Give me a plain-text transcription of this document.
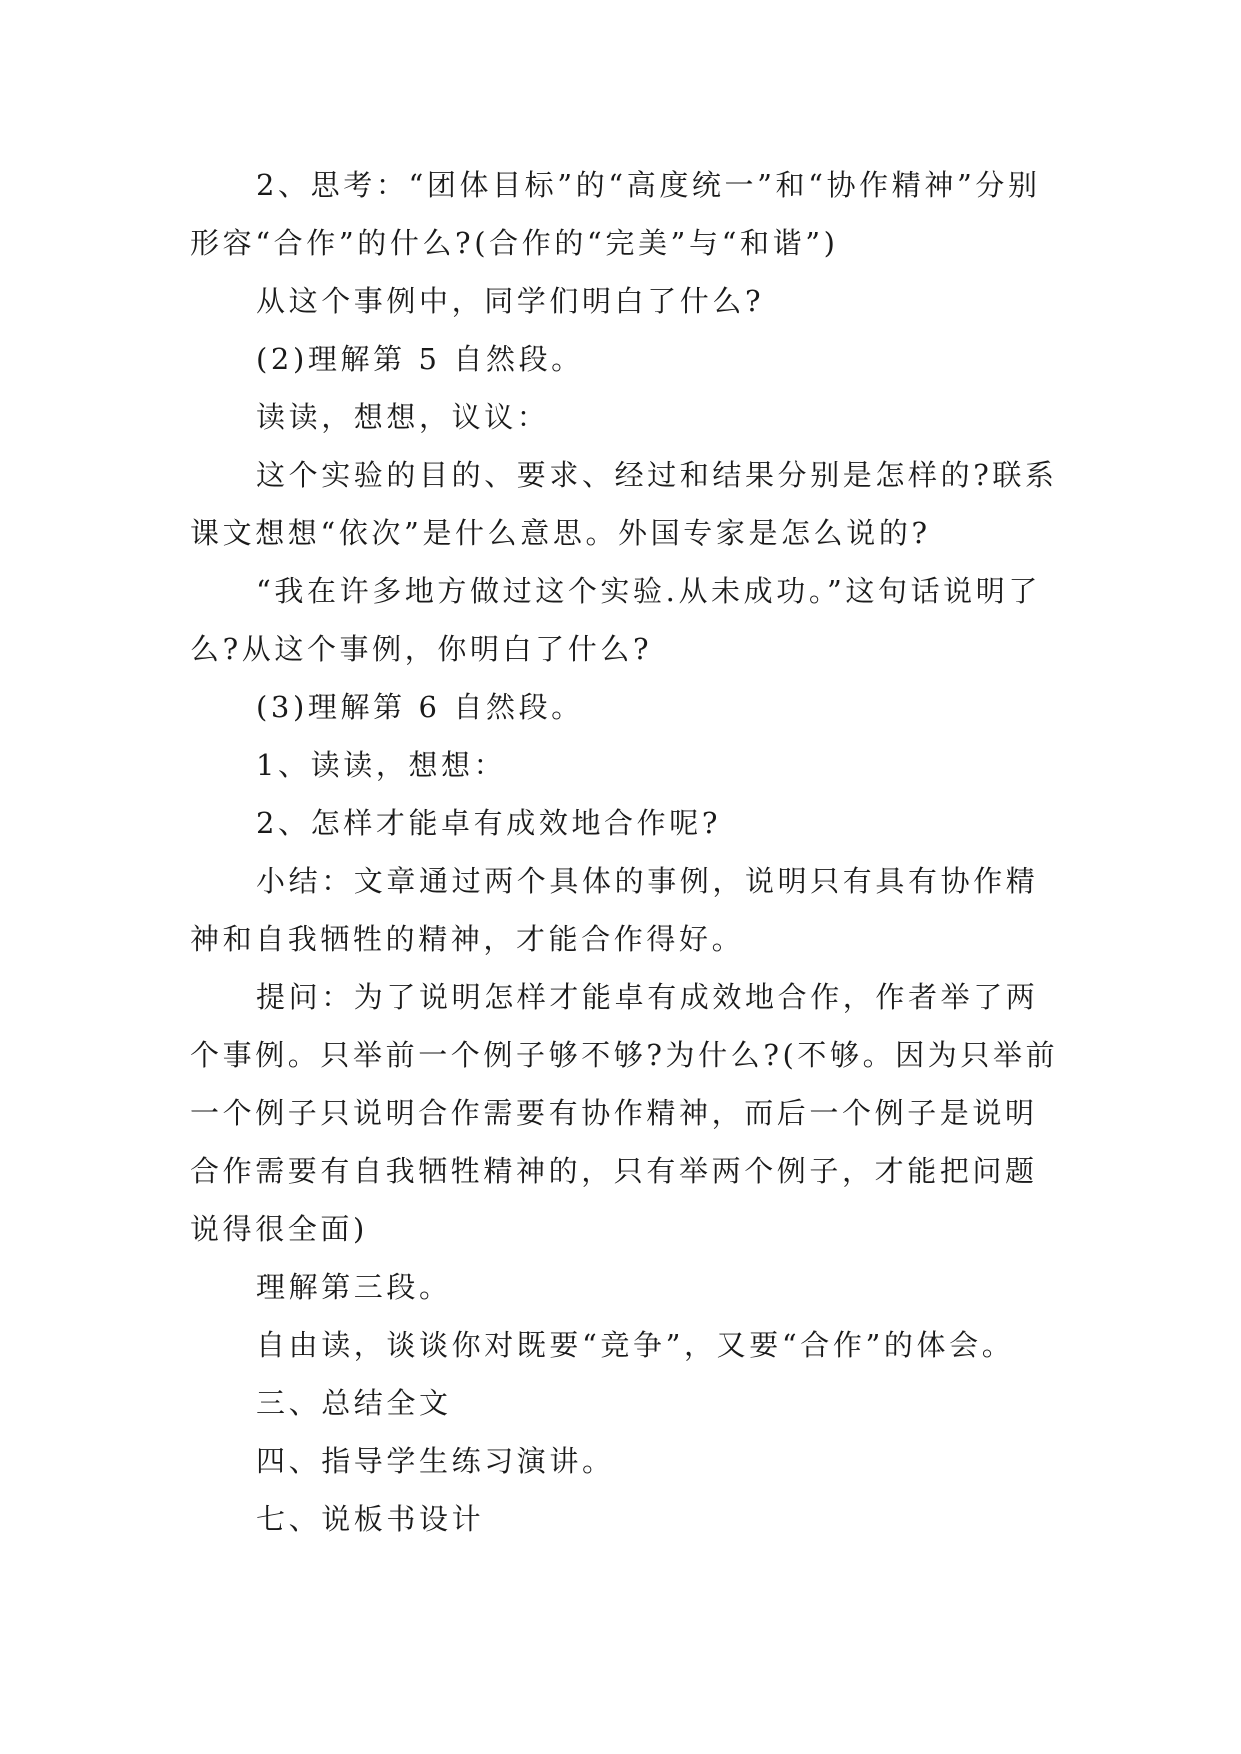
2、思考：“团体目标”的“高度统一”和“协作精神”分别形容“合作”的什么?(合作的“完美”与“和谐”)

从这个事例中，同学们明白了什么?

(2)理解第 5 自然段。

读读，想想，议议：

这个实验的目的、要求、经过和结果分别是怎样的?联系课文想想“依次”是什么意思。外国专家是怎么说的?

“我在许多地方做过这个实验.从未成功。”这句话说明了么?从这个事例，你明白了什么?

(3)理解第 6 自然段。

1、读读，想想：

2、怎样才能卓有成效地合作呢?

小结：文章通过两个具体的事例，说明只有具有协作精神和自我牺牲的精神，才能合作得好。

提问：为了说明怎样才能卓有成效地合作，作者举了两个事例。只举前一个例子够不够?为什么?(不够。因为只举前一个例子只说明合作需要有协作精神，而后一个例子是说明合作需要有自我牺牲精神的，只有举两个例子，才能把问题说得很全面)

理解第三段。

自由读，谈谈你对既要“竞争”，又要“合作”的体会。

三、总结全文

四、指导学生练习演讲。

七、说板书设计
